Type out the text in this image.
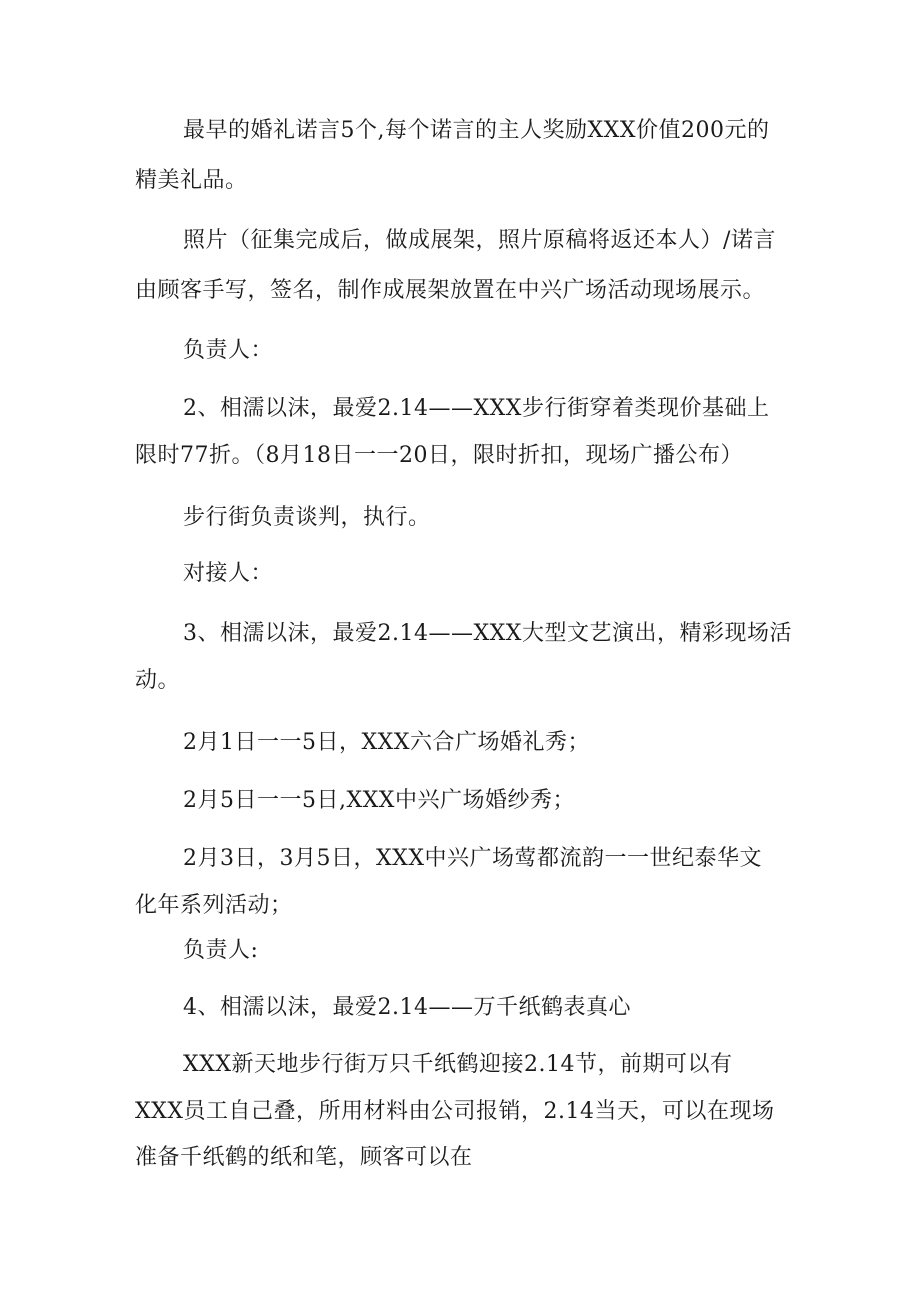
最早的婚礼诺言5个,每个诺言的主人奖励XXX价值200元的
精美礼品。
照片（征集完成后，做成展架，照片原稿将返还本人）/诺言
由顾客手写，签名，制作成展架放置在中兴广场活动现场展示。
负责人：
2、相濡以沫，最爱2.14——XXX步行街穿着类现价基础上
限时77折。（8月18日一一20日，限时折扣，现场广播公布）
步行街负责谈判，执行。
对接人：
3、相濡以沫，最爱2.14——XXX大型文艺演出，精彩现场活
动。
2月1日一一5日，XXX六合广场婚礼秀；
2月5日一一5日,XXX中兴广场婚纱秀；
2月3日，3月5日，XXX中兴广场莺都流韵一一世纪泰华文
化年系列活动；
负责人:
4、相濡以沫，最爱2.14——万千纸鹤表真心
XXX新天地步行街万只千纸鹤迎接2.14节，前期可以有
XXX员工自己叠，所用材料由公司报销，2.14当天，可以在现场
准备千纸鹤的纸和笔，顾客可以在
